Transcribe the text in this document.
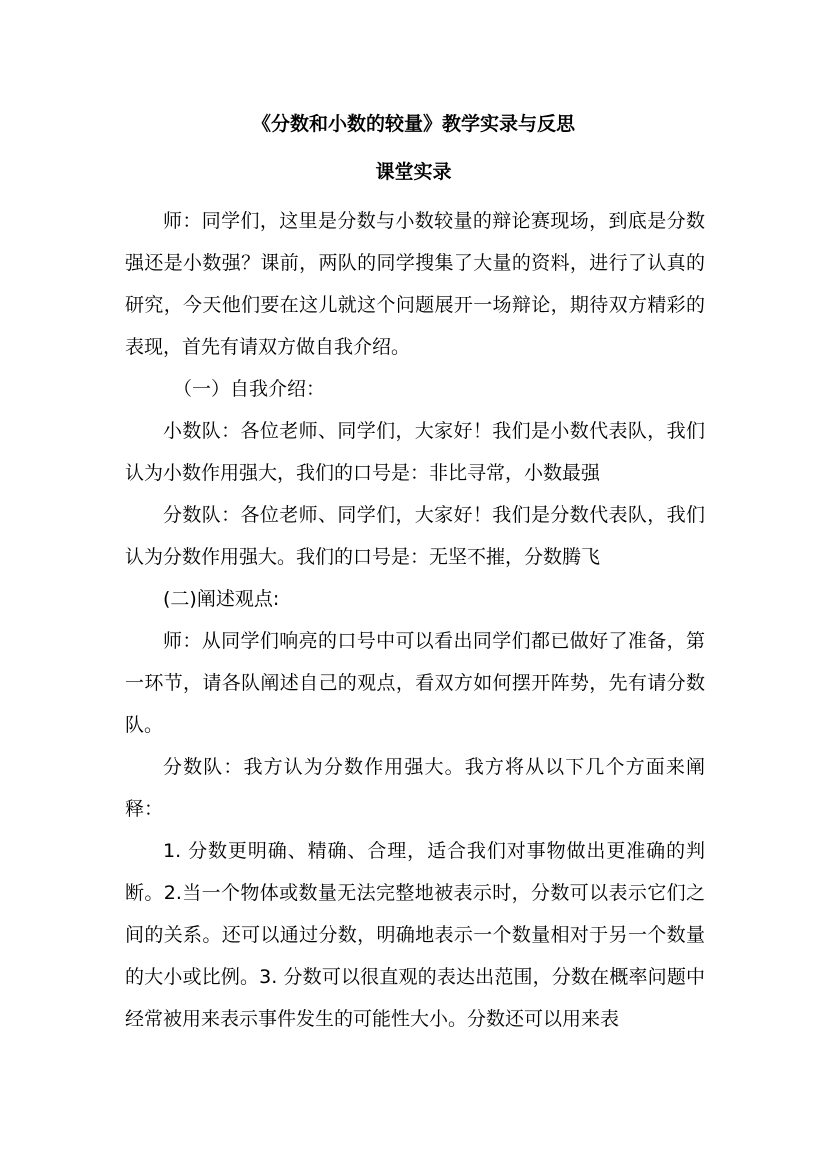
《分数和小数的较量》教学实录与反思
课堂实录

师：同学们，这里是分数与小数较量的辩论赛现场，到底是分数强还是小数强？课前，两队的同学搜集了大量的资料，进行了认真的研究，今天他们要在这儿就这个问题展开一场辩论，期待双方精彩的表现，首先有请双方做自我介绍。

（一）自我介绍：

小数队：各位老师、同学们，大家好！我们是小数代表队，我们认为小数作用强大，我们的口号是：非比寻常，小数最强

分数队：各位老师、同学们，大家好！我们是分数代表队，我们认为分数作用强大。我们的口号是：无坚不摧，分数腾飞

(二)阐述观点:

师：从同学们响亮的口号中可以看出同学们都已做好了准备，第一环节，请各队阐述自己的观点，看双方如何摆开阵势，先有请分数队。

分数队：我方认为分数作用强大。我方将从以下几个方面来阐释：

1. 分数更明确、精确、合理，适合我们对事物做出更准确的判断。2.当一个物体或数量无法完整地被表示时，分数可以表示它们之间的关系。还可以通过分数，明确地表示一个数量相对于另一个数量的大小或比例。3. 分数可以很直观的表达出范围，分数在概率问题中经常被用来表示事件发生的可能性大小。分数还可以用来表
